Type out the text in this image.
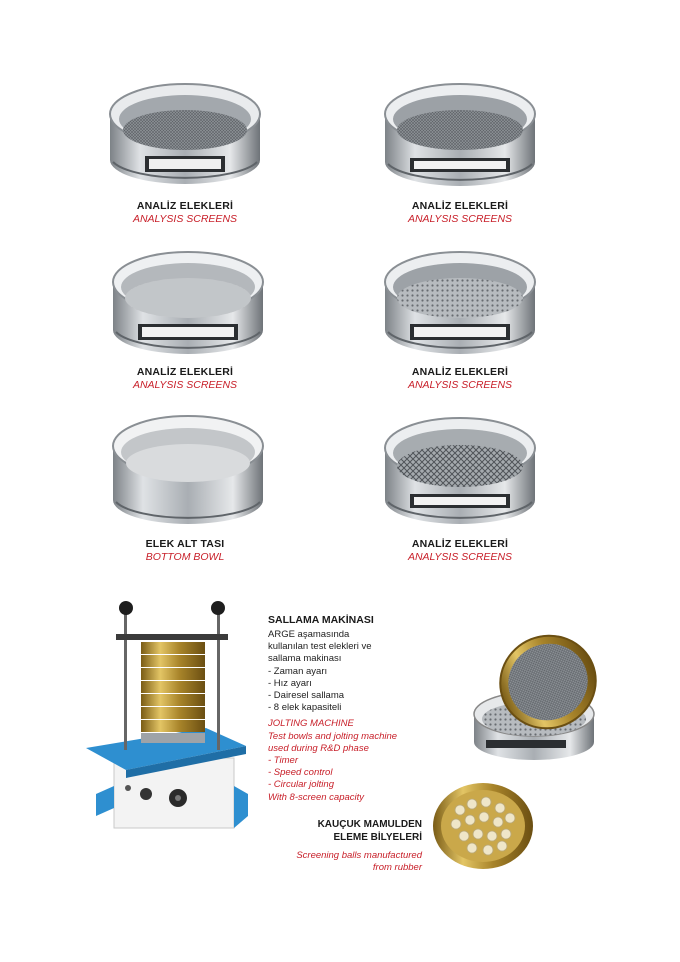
ANALİZ ELEKLERİ
ANALYSIS SCREENS
ANALİZ ELEKLERİ
ANALYSIS SCREENS
ANALİZ ELEKLERİ
ANALYSIS SCREENS
ANALİZ ELEKLERİ
ANALYSIS SCREENS
ELEK ALT TASI
BOTTOM BOWL
ANALİZ ELEKLERİ
ANALYSIS SCREENS
SALLAMA MAKİNASI
ARGE aşamasında
kullanılan test elekleri ve
sallama makinası
- Zaman ayarı
- Hız ayarı
- Dairesel sallama
- 8 elek kapasiteli
JOLTING MACHINE
Test bowls and jolting machine
used during R&D phase
- Timer
- Speed control
- Circular jolting
With 8-screen capacity
KAUÇUK MAMULDEN
ELEME BİLYELERİ
Screening balls manufactured
from rubber
